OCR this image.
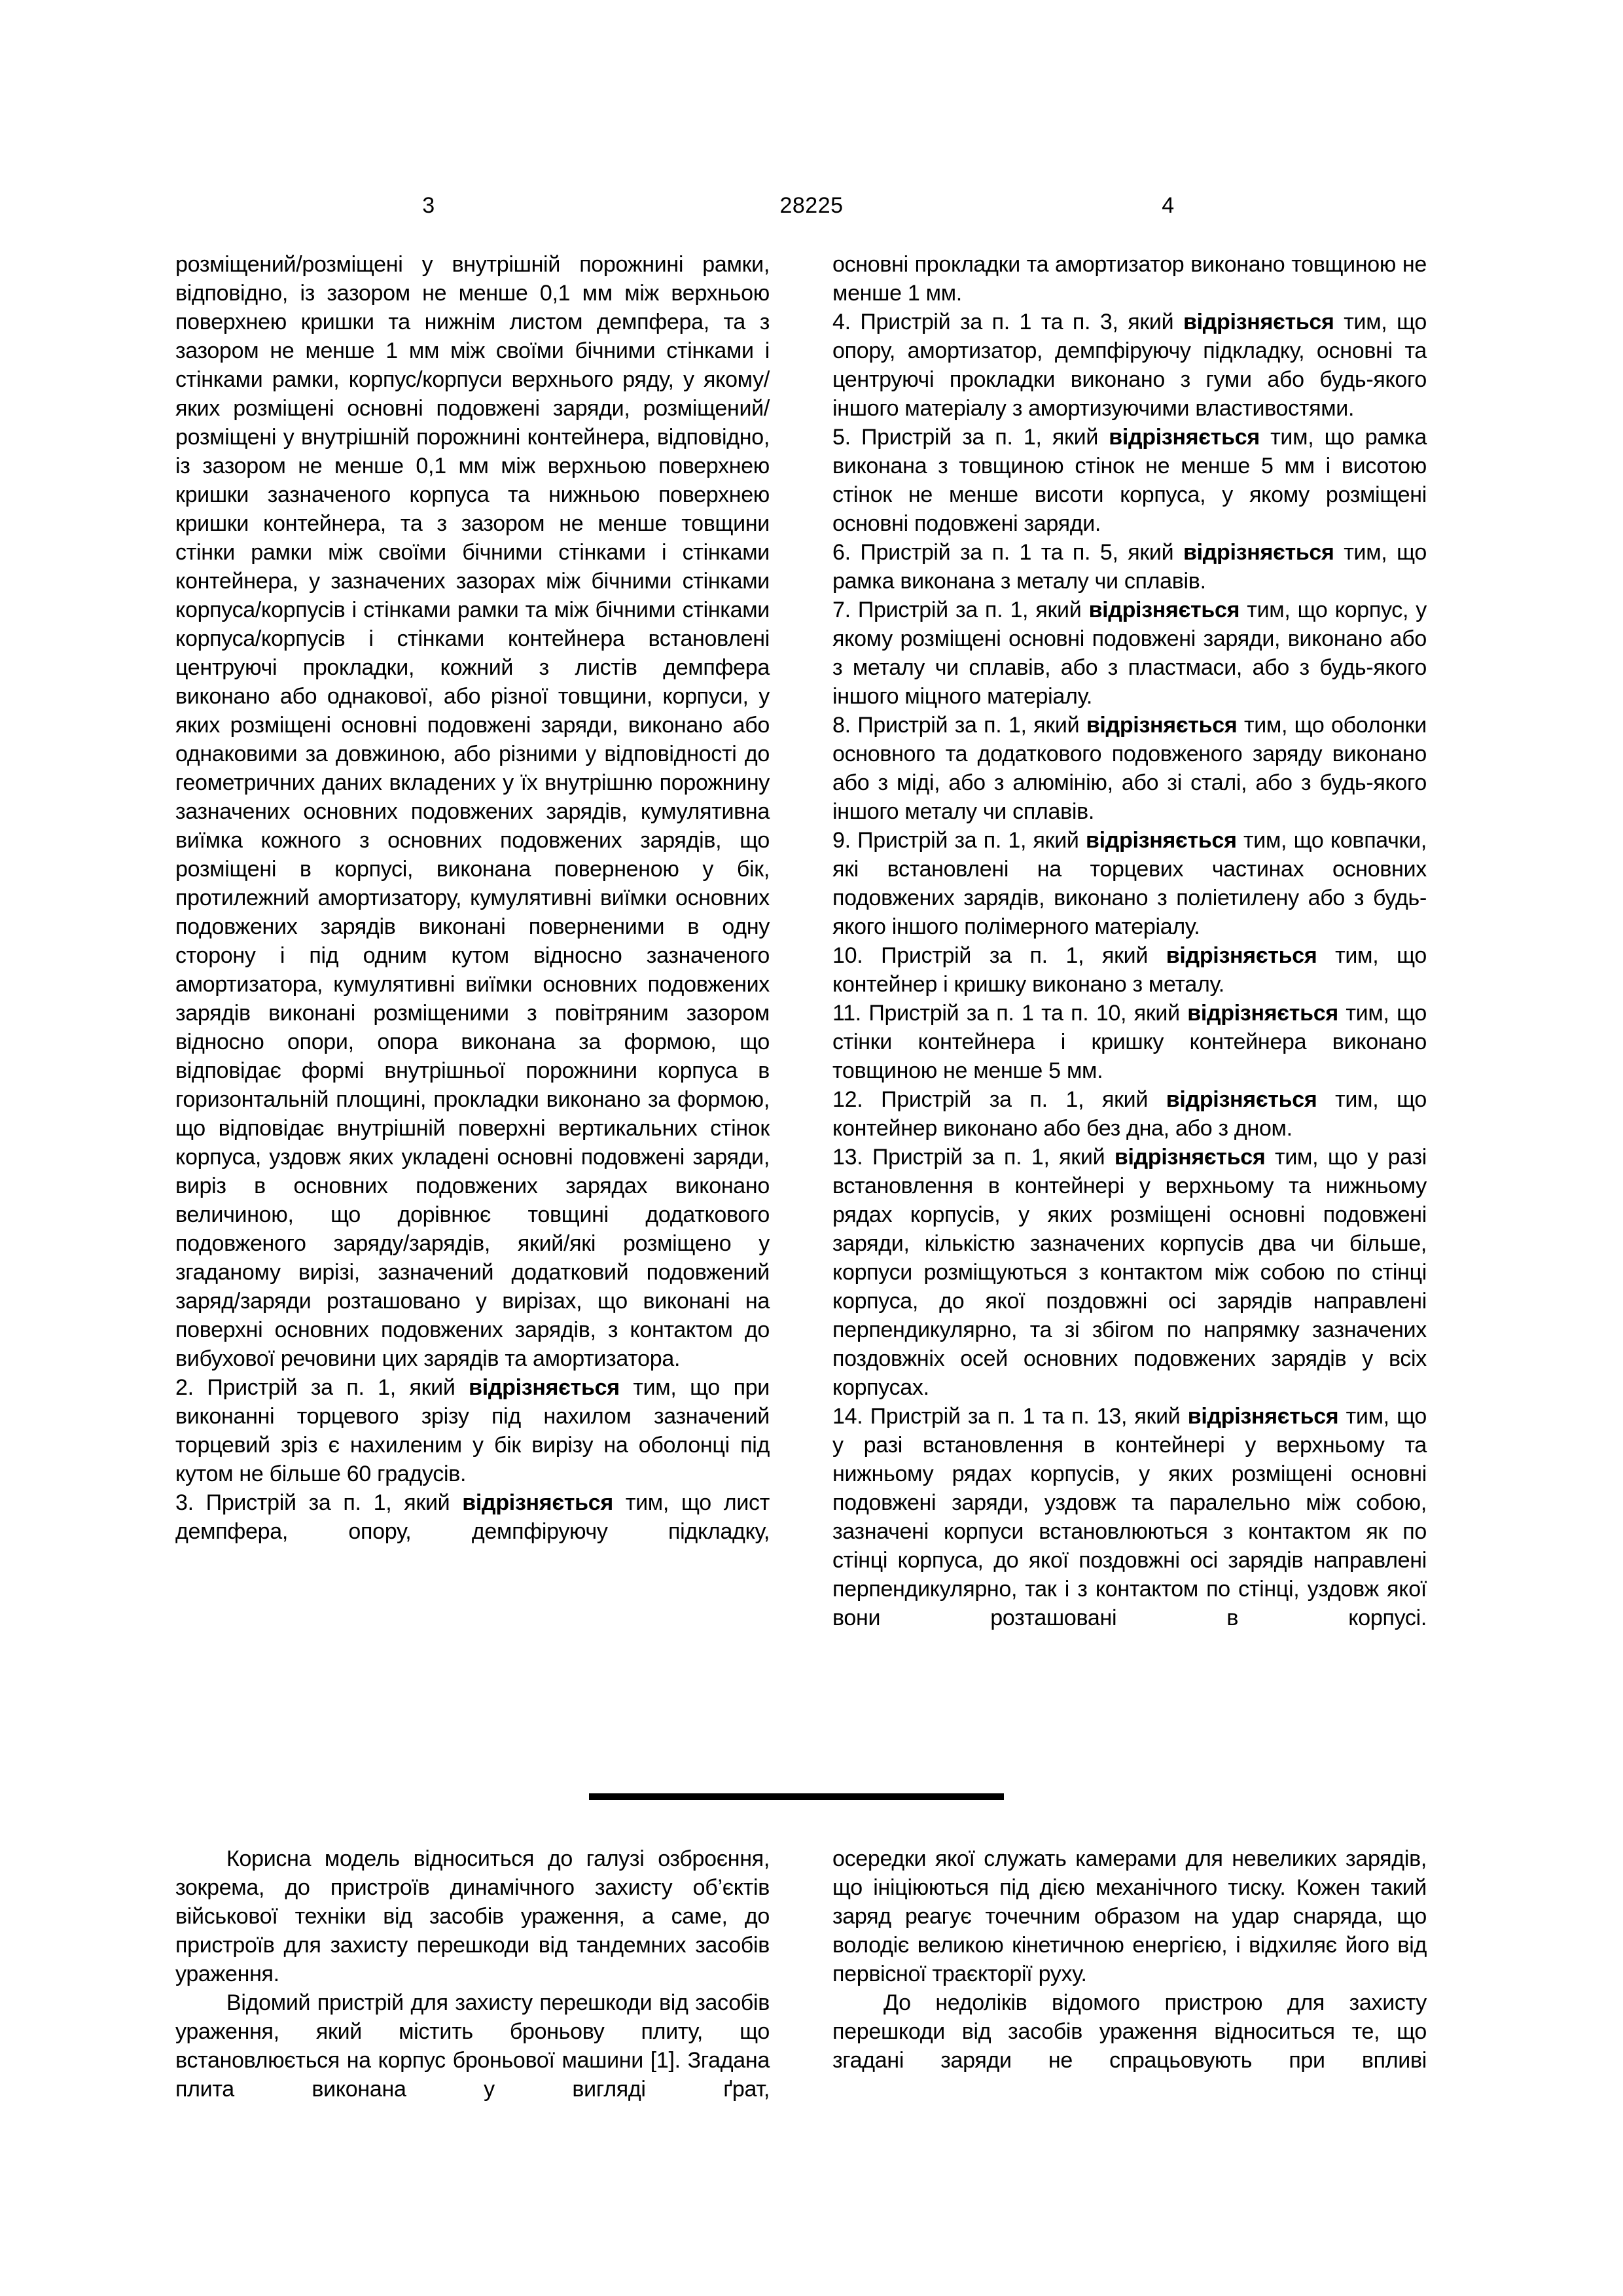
3	28225	4

розміщений/розміщені у внутрішній порожнині рамки, відповідно, із зазором не менше 0,1 мм між верхньою поверхнею кришки та нижнім листом демпфера, та з зазором не менше 1 мм між своїми бічними стінками і стінками рамки, корпус/корпуси верхнього ряду, у якому/яких розміщені основні подовжені заряди, розміщений/розміщені у внутрішній порожнині контейнера, відповідно, із зазором не менше 0,1 мм між верхньою поверхнею кришки зазначеного корпуса та нижньою поверхнею кришки контейнера, та з зазором не менше товщини стінки рамки між своїми бічними стінками і стінками контейнера, у зазначених зазорах між бічними стінками корпуса/корпусів і стінками рамки та між бічними стінками корпуса/корпусів і стінками контейнера встановлені центруючі прокладки, кожний з листів демпфера виконано або однакової, або різної товщини, корпуси, у яких розміщені основні подовжені заряди, виконано або однаковими за довжиною, або різними у відповідності до геометричних даних вкладених у їх внутрішню порожнину зазначених основних подовжених зарядів, кумулятивна виїмка кожного з основних подовжених зарядів, що розміщені в корпусі, виконана поверненою у бік, протилежний амортизатору, кумулятивні виїмки основних подовжених зарядів виконані поверненими в одну сторону і під одним кутом відносно зазначеного амортизатора, кумулятивні виїмки основних подовжених зарядів виконані розміщеними з повітряним зазором відносно опори, опора виконана за формою, що відповідає формі внутрішньої порожнини корпуса в горизонтальній площині, прокладки виконано за формою, що відповідає внутрішній поверхні вертикальних стінок корпуса, уздовж яких укладені основні подовжені заряди, виріз в основних подовжених зарядах виконано величиною, що дорівнює товщині додаткового подовженого заряду/зарядів, який/які розміщено у згаданому вирізі, зазначений додатковий подовжений заряд/заряди розташовано у вирізах, що виконані на поверхні основних подовжених зарядів, з контактом до вибухової речовини цих зарядів та амортизатора.

2. Пристрій за п. 1, який відрізняється тим, що при виконанні торцевого зрізу під нахилом зазначений торцевий зріз є нахиленим у бік вирізу на оболонці під кутом не більше 60 градусів.

3. Пристрій за п. 1, який відрізняється тим, що лист демпфера, опору, демпфіруючу підкладку,

основні прокладки та амортизатор виконано товщиною не менше 1 мм.

4. Пристрій за п. 1 та п. 3, який відрізняється тим, що опору, амортизатор, демпфіруючу підкладку, основні та центруючі прокладки виконано з гуми або будь-якого іншого матеріалу з амортизуючими властивостями.

5. Пристрій за п. 1, який відрізняється тим, що рамка виконана з товщиною стінок не менше 5 мм і висотою стінок не менше висоти корпуса, у якому розміщені основні подовжені заряди.

6. Пристрій за п. 1 та п. 5, який відрізняється тим, що рамка виконана з металу чи сплавів.

7. Пристрій за п. 1, який відрізняється тим, що корпус, у якому розміщені основні подовжені заряди, виконано або з металу чи сплавів, або з пластмаси, або з будь-якого іншого міцного матеріалу.

8. Пристрій за п. 1, який відрізняється тим, що оболонки основного та додаткового подовженого заряду виконано або з міді, або з алюмінію, або зі сталі, або з будь-якого іншого металу чи сплавів.

9. Пристрій за п. 1, який відрізняється тим, що ковпачки, які встановлені на торцевих частинах основних подовжених зарядів, виконано з поліетилену або з будь-якого іншого полімерного матеріалу.

10. Пристрій за п. 1, який відрізняється тим, що контейнер і кришку виконано з металу.

11. Пристрій за п. 1 та п. 10, який відрізняється тим, що стінки контейнера і кришку контейнера виконано товщиною не менше 5 мм.

12. Пристрій за п. 1, який відрізняється тим, що контейнер виконано або без дна, або з дном.

13. Пристрій за п. 1, який відрізняється тим, що у разі встановлення в контейнері у верхньому та нижньому рядах корпусів, у яких розміщені основні подовжені заряди, кількістю зазначених корпусів два чи більше, корпуси розміщуються з контактом між собою по стінці корпуса, до якої поздовжні осі зарядів направлені перпендикулярно, та зі збігом по напрямку зазначених поздовжніх осей основних подовжених зарядів у всіх корпусах.

14. Пристрій за п. 1 та п. 13, який відрізняється тим, що у разі встановлення в контейнері у верхньому та нижньому рядах корпусів, у яких розміщені основні подовжені заряди, уздовж та паралельно між собою, зазначені корпуси встановлюються з контактом як по стінці корпуса, до якої поздовжні осі зарядів направлені перпендикулярно, так і з контактом по стінці, уздовж якої вони розташовані в корпусі.

Корисна модель відноситься до галузі озброєння, зокрема, до пристроїв динамічного захисту об’єктів військової техніки від засобів ураження, а саме, до пристроїв для захисту перешкоди від тандемних засобів ураження.

Відомий пристрій для захисту перешкоди від засобів ураження, який містить броньову плиту, що встановлюється на корпус броньової машини [1]. Згадана плита виконана у вигляді ґрат,

осередки якої служать камерами для невеликих зарядів, що ініціюються під дією механічного тиску. Кожен такий заряд реагує точечним образом на удар снаряда, що володіє великою кінетичною енергією, і відхиляє його від первісної траєкторії руху.

До недоліків відомого пристрою для захисту перешкоди від засобів ураження відноситься те, що згадані заряди не спрацьовують при впливі
